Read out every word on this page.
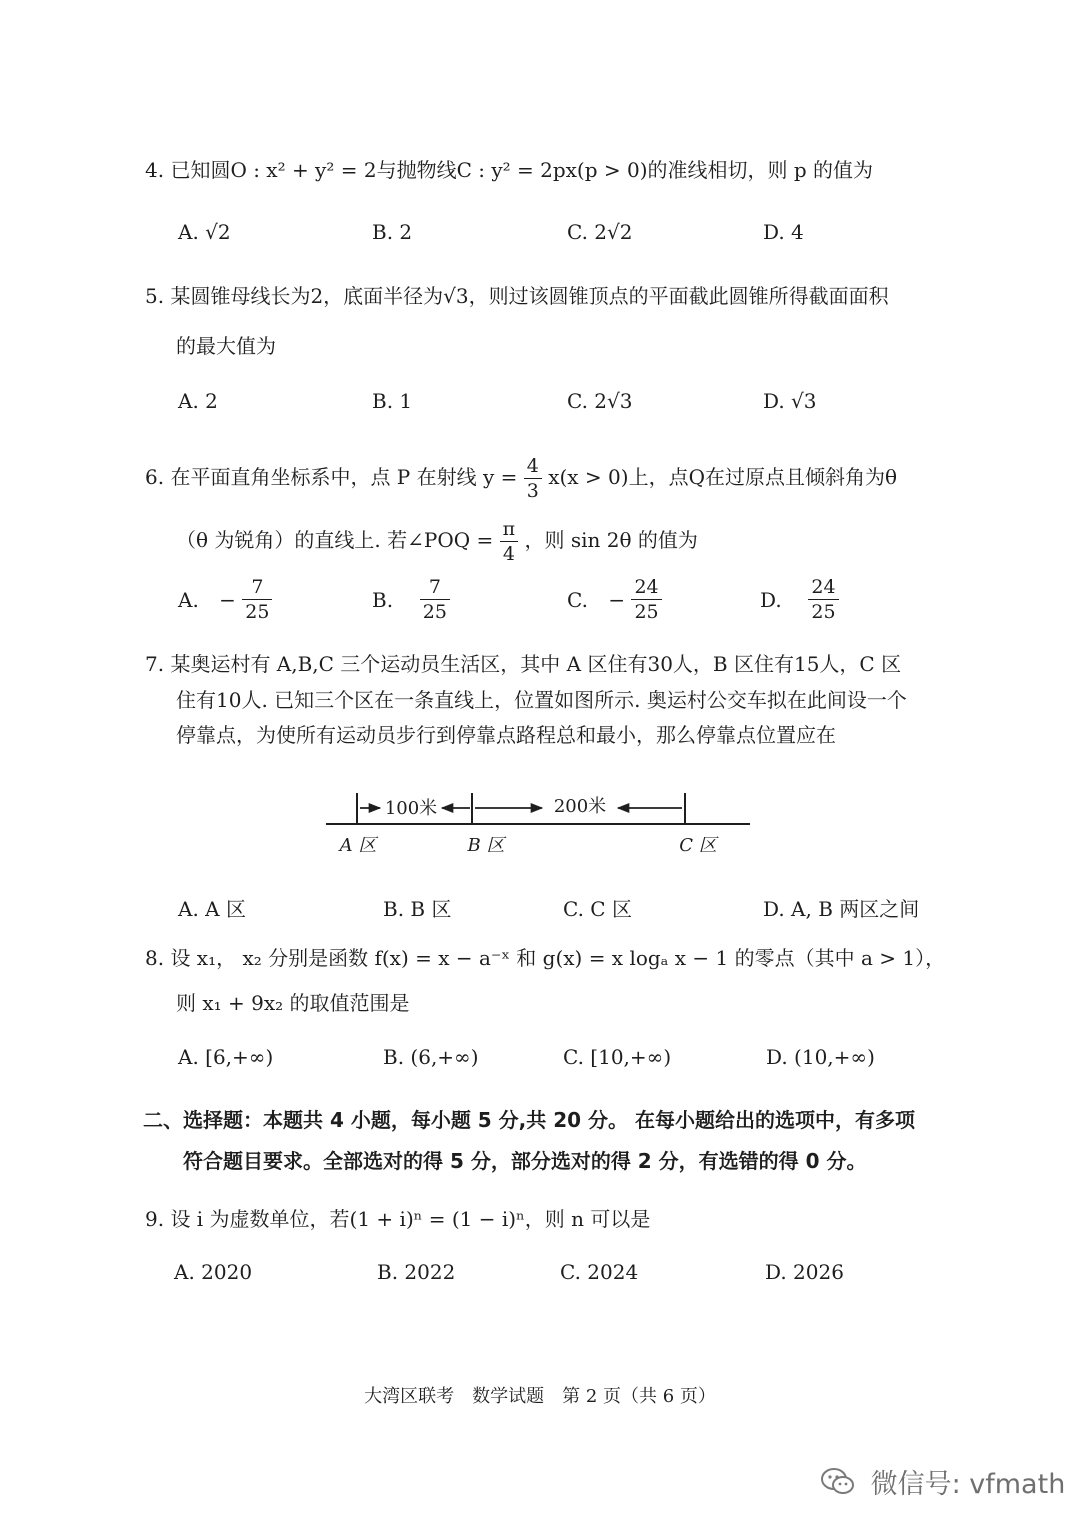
4. 已知圆O : x² + y² = 2与抛物线C : y² = 2px(p > 0)的准线相切，则 p 的值为
A. √2	B. 2	C. 2√2	D. 4
5. 某圆锥母线长为2，底面半径为√3，则过该圆锥顶点的平面截此圆锥所得截面面积
的最大值为
A. 2	B. 1	C. 2√3	D. √3
6. 在平面直角坐标系中，点 P 在射线 $y = \frac{4}{3} x(x > 0)$上，点Q在过原点且倾斜角为θ
（θ 为锐角）的直线上. 若∠POQ = $\frac{\pi}{4}$ ，则 sin 2θ 的值为
A. − $\frac{7}{25}$	B. $\frac{7}{25}$	C. − $\frac{24}{25}$	D. $\frac{24}{25}$
7. 某奥运村有 A,B,C 三个运动员生活区，其中 A 区住有30人，B 区住有15人，C 区
住有10人. 已知三个区在一条直线上，位置如图所示. 奥运村公交车拟在此间设一个
停靠点，为使所有运动员步行到停靠点路程总和最小，那么停靠点位置应在
100米	200米
A 区	B 区	C 区
A. A 区	B. B 区	C. C 区	D. A, B 两区之间
8. 设 x₁， x₂ 分别是函数 f(x) = x − a⁻ˣ 和 g(x) = x logₐ x − 1 的零点（其中 a > 1），
则 x₁ + 9x₂ 的取值范围是
A. [6,+∞)	B. (6,+∞)	C. [10,+∞)	D. (10,+∞)
二、选择题：本题共 4 小题，每小题 5 分,共 20 分。 在每小题给出的选项中，有多项
符合题目要求。全部选对的得 5 分，部分选对的得 2 分，有选错的得 0 分。
9. 设 i 为虚数单位，若(1 + i)ⁿ = (1 − i)ⁿ，则 n 可以是
A. 2020	B. 2022	C. 2024	D. 2026
大湾区联考　数学试题　第 2 页（共 6 页）
微信号: vfmath
